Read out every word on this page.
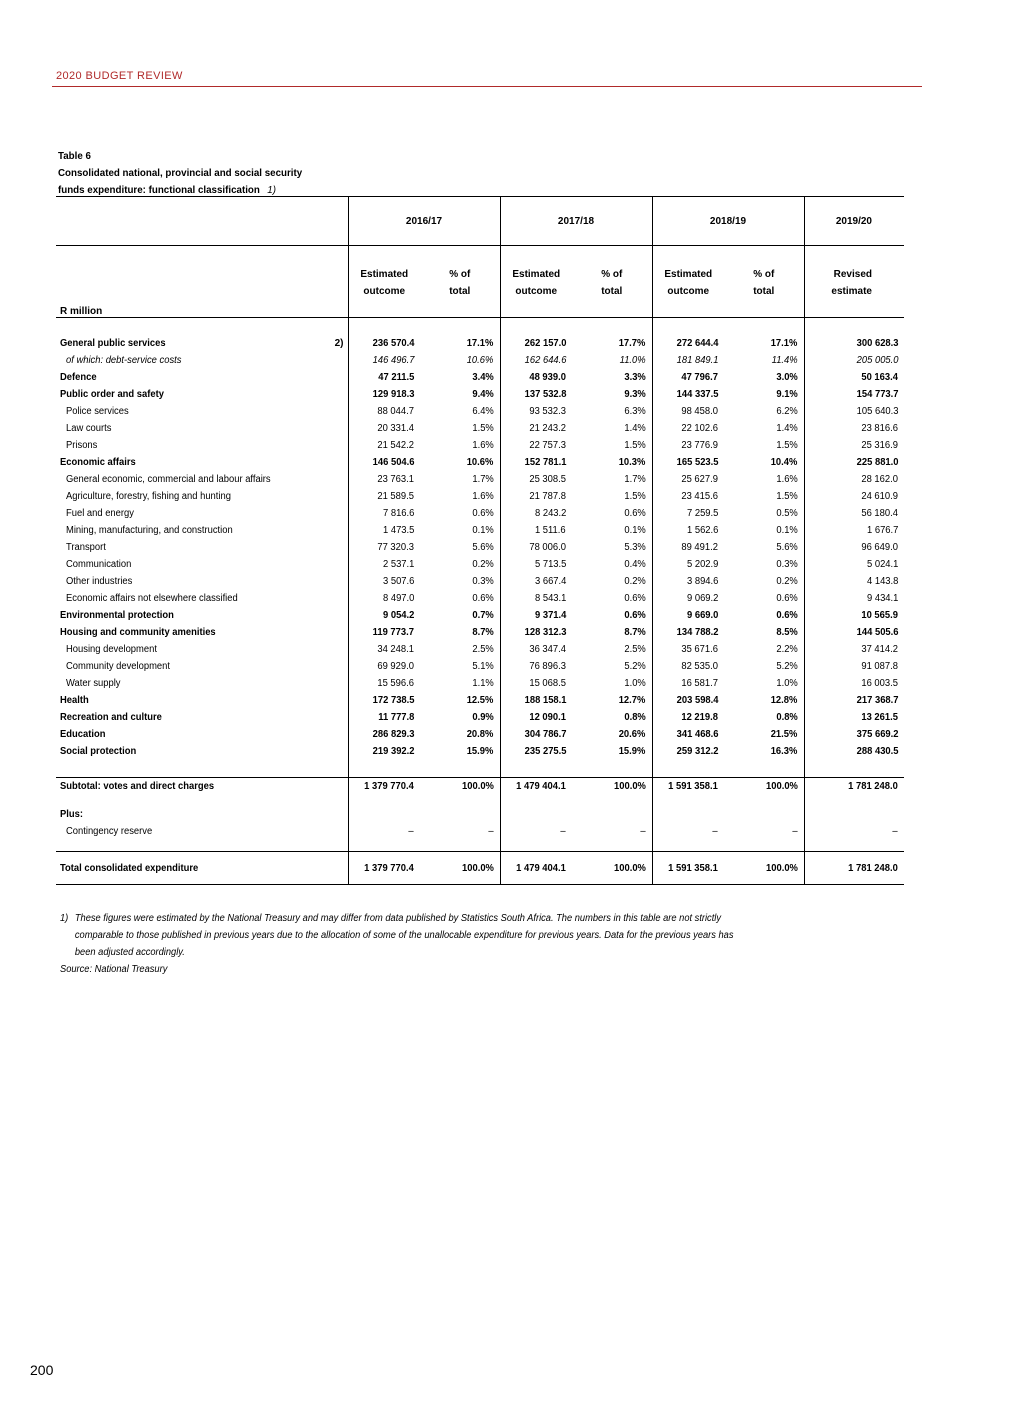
2020 BUDGET REVIEW
Table 6
Consolidated national, provincial and social security
funds expenditure: functional classification 1)

		2016/17		2017/18		2018/19		2019/20

		Estimated	% of	Estimated	% of	Estimated	% of	Revised
		outcome	total	outcome	total	outcome	total	estimate
R million								

General public services	2)	236 570.4	17.1%	262 157.0	17.7%	272 644.4	17.1%	300 628.3
of which: debt-service costs		146 496.7	10.6%	162 644.6	11.0%	181 849.1	11.4%	205 005.0
Defence		47 211.5	3.4%	48 939.0	3.3%	47 796.7	3.0%	50 163.4
Public order and safety		129 918.3	9.4%	137 532.8	9.3%	144 337.5	9.1%	154 773.7
Police services		88 044.7	6.4%	93 532.3	6.3%	98 458.0	6.2%	105 640.3
Law courts		20 331.4	1.5%	21 243.2	1.4%	22 102.6	1.4%	23 816.6
Prisons		21 542.2	1.6%	22 757.3	1.5%	23 776.9	1.5%	25 316.9
Economic affairs		146 504.6	10.6%	152 781.1	10.3%	165 523.5	10.4%	225 881.0
General economic, commercial and labour affairs		23 763.1	1.7%	25 308.5	1.7%	25 627.9	1.6%	28 162.0
Agriculture, forestry, fishing and hunting		21 589.5	1.6%	21 787.8	1.5%	23 415.6	1.5%	24 610.9
Fuel and energy		7 816.6	0.6%	8 243.2	0.6%	7 259.5	0.5%	56 180.4
Mining, manufacturing, and construction		1 473.5	0.1%	1 511.6	0.1%	1 562.6	0.1%	1 676.7
Transport		77 320.3	5.6%	78 006.0	5.3%	89 491.2	5.6%	96 649.0
Communication		2 537.1	0.2%	5 713.5	0.4%	5 202.9	0.3%	5 024.1
Other industries		3 507.6	0.3%	3 667.4	0.2%	3 894.6	0.2%	4 143.8
Economic affairs not elsewhere classified		8 497.0	0.6%	8 543.1	0.6%	9 069.2	0.6%	9 434.1
Environmental protection		9 054.2	0.7%	9 371.4	0.6%	9 669.0	0.6%	10 565.9
Housing and community amenities		119 773.7	8.7%	128 312.3	8.7%	134 788.2	8.5%	144 505.6
Housing development		34 248.1	2.5%	36 347.4	2.5%	35 671.6	2.2%	37 414.2
Community development		69 929.0	5.1%	76 896.3	5.2%	82 535.0	5.2%	91 087.8
Water supply		15 596.6	1.1%	15 068.5	1.0%	16 581.7	1.0%	16 003.5
Health		172 738.5	12.5%	188 158.1	12.7%	203 598.4	12.8%	217 368.7
Recreation and culture		11 777.8	0.9%	12 090.1	0.8%	12 219.8	0.8%	13 261.5
Education		286 829.3	20.8%	304 786.7	20.6%	341 468.6	21.5%	375 669.2
Social protection		219 392.2	15.9%	235 275.5	15.9%	259 312.2	16.3%	288 430.5

Subtotal: votes and direct charges		1 379 770.4	100.0%	1 479 404.1	100.0%	1 591 358.1	100.0%	1 781 248.0

Plus:								
Contingency reserve		–	–	–	–	–	–	–

Total consolidated expenditure		1 379 770.4	100.0%	1 479 404.1	100.0%	1 591 358.1	100.0%	1 781 248.0
1) These figures were estimated by the National Treasury and may differ from data published by Statistics South Africa. The numbers in this table are not strictly
comparable to those published in previous years due to the allocation of some of the unallocable expenditure for previous years. Data for the previous years has
been adjusted accordingly.
Source: National Treasury
200
